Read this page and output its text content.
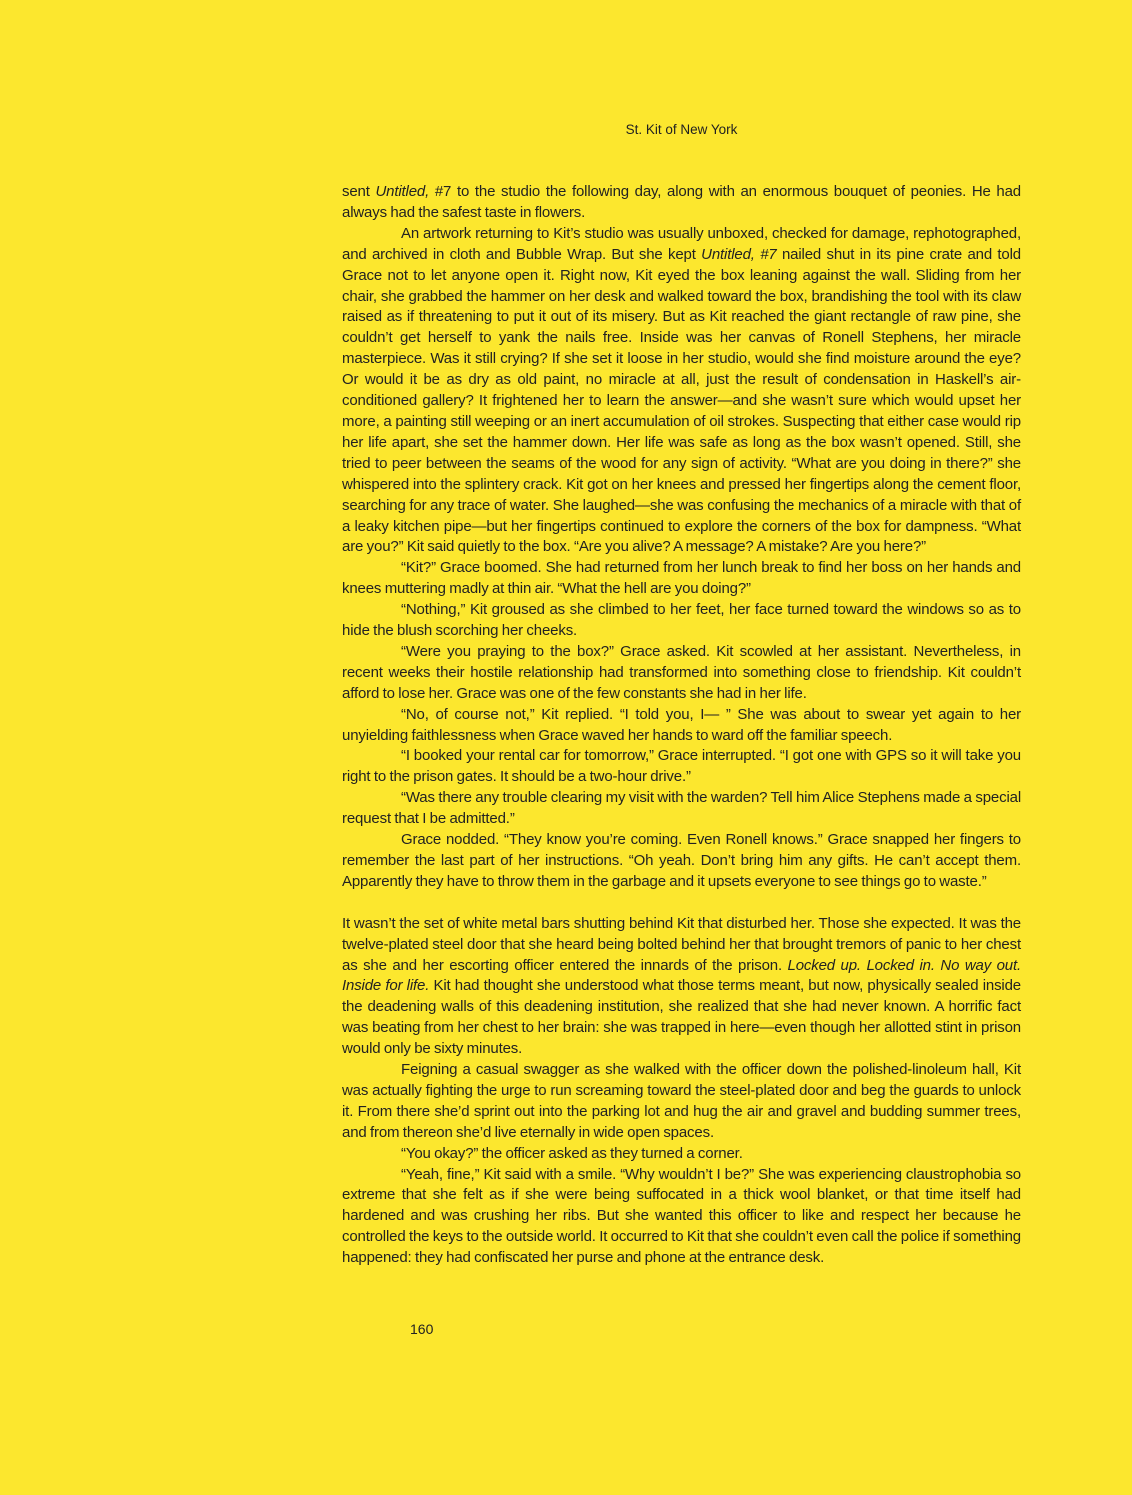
St. Kit of New York

sent Untitled, #7 to the studio the following day, along with an enormous bouquet of peonies. He had always had the safest taste in flowers.

An artwork returning to Kit’s studio was usually unboxed, checked for damage, rephotographed, and archived in cloth and Bubble Wrap. But she kept Untitled, #7 nailed shut in its pine crate and told Grace not to let anyone open it. Right now, Kit eyed the box leaning against the wall. Sliding from her chair, she grabbed the hammer on her desk and walked toward the box, brandishing the tool with its claw raised as if threatening to put it out of its misery. But as Kit reached the giant rectangle of raw pine, she couldn’t get herself to yank the nails free. Inside was her canvas of Ronell Stephens, her miracle masterpiece. Was it still crying? If she set it loose in her studio, would she find moisture around the eye? Or would it be as dry as old paint, no miracle at all, just the result of condensation in Haskell’s air-conditioned gallery? It frightened her to learn the answer—and she wasn’t sure which would upset her more, a painting still weeping or an inert accumulation of oil strokes. Suspecting that either case would rip her life apart, she set the hammer down. Her life was safe as long as the box wasn’t opened. Still, she tried to peer between the seams of the wood for any sign of activity. “What are you doing in there?” she whispered into the splintery crack. Kit got on her knees and pressed her fingertips along the cement floor, searching for any trace of water. She laughed—she was confusing the mechanics of a miracle with that of a leaky kitchen pipe—but her fingertips continued to explore the corners of the box for dampness. “What are you?” Kit said quietly to the box. “Are you alive? A message? A mistake? Are you here?”

“Kit?” Grace boomed. She had returned from her lunch break to find her boss on her hands and knees muttering madly at thin air. “What the hell are you doing?”

“Nothing,” Kit groused as she climbed to her feet, her face turned toward the windows so as to hide the blush scorching her cheeks.

“Were you praying to the box?” Grace asked. Kit scowled at her assistant. Nevertheless, in recent weeks their hostile relationship had transformed into something close to friendship. Kit couldn’t afford to lose her. Grace was one of the few constants she had in her life.

“No, of course not,” Kit replied. “I told you, I— ” She was about to swear yet again to her unyielding faithlessness when Grace waved her hands to ward off the familiar speech.

“I booked your rental car for tomorrow,” Grace interrupted. “I got one with GPS so it will take you right to the prison gates. It should be a two-hour drive.”

“Was there any trouble clearing my visit with the warden? Tell him Alice Stephens made a special request that I be admitted.”

Grace nodded. “They know you’re coming. Even Ronell knows.” Grace snapped her fingers to remember the last part of her instructions. “Oh yeah. Don’t bring him any gifts. He can’t accept them. Apparently they have to throw them in the garbage and it upsets everyone to see things go to waste.”

It wasn’t the set of white metal bars shutting behind Kit that disturbed her. Those she expected. It was the twelve-plated steel door that she heard being bolted behind her that brought tremors of panic to her chest as she and her escorting officer entered the innards of the prison. Locked up. Locked in. No way out. Inside for life. Kit had thought she understood what those terms meant, but now, physically sealed inside the deadening walls of this deadening institution, she realized that she had never known. A horrific fact was beating from her chest to her brain: she was trapped in here—even though her allotted stint in prison would only be sixty minutes.

Feigning a casual swagger as she walked with the officer down the polished-linoleum hall, Kit was actually fighting the urge to run screaming toward the steel-plated door and beg the guards to unlock it. From there she’d sprint out into the parking lot and hug the air and gravel and budding summer trees, and from thereon she’d live eternally in wide open spaces.

“You okay?” the officer asked as they turned a corner.

“Yeah, fine,” Kit said with a smile. “Why wouldn’t I be?” She was experiencing claustrophobia so extreme that she felt as if she were being suffocated in a thick wool blanket, or that time itself had hardened and was crushing her ribs. But she wanted this officer to like and respect her because he controlled the keys to the outside world. It occurred to Kit that she couldn’t even call the police if something happened: they had confiscated her purse and phone at the entrance desk.

160
